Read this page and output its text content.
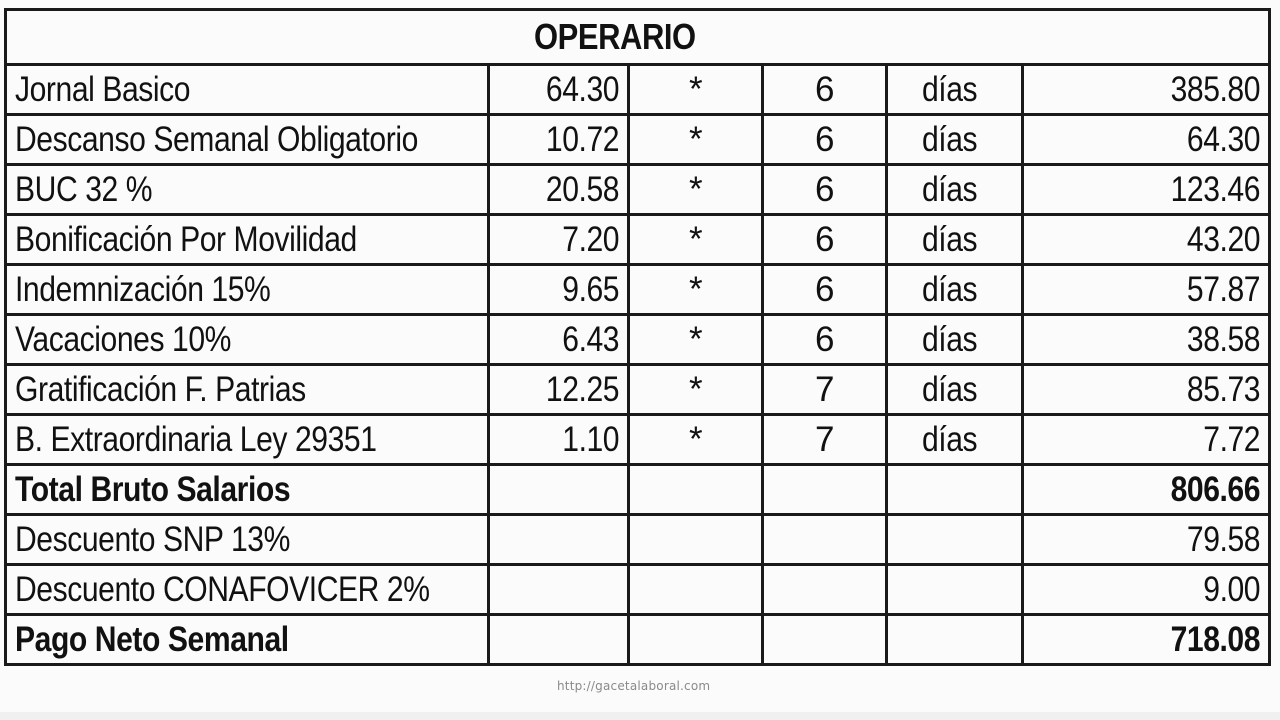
OPERARIO					
Jornal Basico	64.30	*	6	días	385.80
Descanso Semanal Obligatorio	10.72	*	6	días	64.30
BUC 32 %	20.58	*	6	días	123.46
Bonificación Por Movilidad	7.20	*	6	días	43.20
Indemnización 15%	9.65	*	6	días	57.87
Vacaciones 10%	6.43	*	6	días	38.58
Gratificación F. Patrias	12.25	*	7	días	85.73
B. Extraordinaria Ley 29351	1.10	*	7	días	7.72
Total Bruto Salarios					806.66
Descuento SNP 13%					79.58
Descuento CONAFOVICER 2%					9.00
Pago Neto Semanal					718.08
http://gacetalaboral.com
